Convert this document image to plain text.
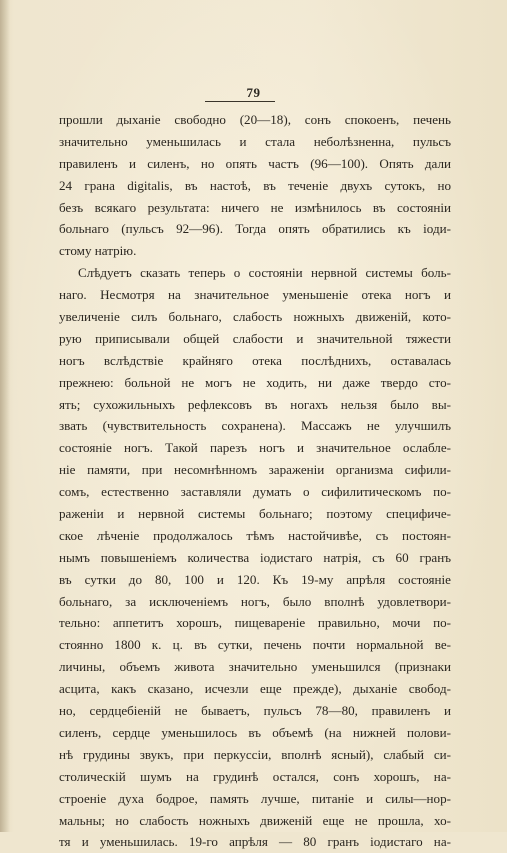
79
прошли дыханіе свободно (20—18), сонъ спокоенъ, печень
значительно уменьшилась и стала неболѣзненна, пульсъ
правиленъ и силенъ, но опять частъ (96—100). Опять дали
24 грана digitalis, въ настоѣ, въ теченіе двухъ сутокъ, но
безъ всякаго результата: ничего не измѣнилось въ состояніи
больнаго (пульсъ 92—96). Тогда опять обратились къ іоди-
стому натрію.
Слѣдуетъ сказать теперь о состояніи нервной системы боль-
наго. Несмотря на значительное уменьшеніе отека ногъ и
увеличеніе силъ больнаго, слабость ножныхъ движеній, кото-
рую приписывали общей слабости и значительной тяжести
ногъ вслѣдствіе крайняго отека послѣднихъ, оставалась
прежнею: больной не могъ не ходить, ни даже твердо сто-
ять; сухожильныхъ рефлексовъ въ ногахъ нельзя было вы-
звать (чувствительность сохранена). Массажъ не улучшилъ
состояніе ногъ. Такой парезъ ногъ и значительное ослабле-
ніе памяти, при несомнѣнномъ зараженіи организма сифили-
сомъ, естественно заставляли думать о сифилитическомъ по-
раженіи и нервной системы больнаго; поэтому специфиче-
ское лѣченіе продолжалось тѣмъ настойчивѣе, съ постоян-
нымъ повышеніемъ количества іодистаго натрія, съ 60 гранъ
въ сутки до 80, 100 и 120. Къ 19-му апрѣля состояніе
больнаго, за исключеніемъ ногъ, было вполнѣ удовлетвори-
тельно: аппетитъ хорошъ, пищевареніе правильно, мочи по-
стоянно 1800 к. ц. въ сутки, печень почти нормальной ве-
личины, объемъ живота значительно уменьшился (признаки
асцита, какъ сказано, исчезли еще прежде), дыханіе свобод-
но, сердцебіеній не бываетъ, пульсъ 78—80, правиленъ и
силенъ, сердце уменьшилось въ объемѣ (на нижней полови-
нѣ грудины звукъ, при перкуссіи, вполнѣ ясный), слабый си-
столическій шумъ на грудинѣ остался, сонъ хорошъ, на-
строеніе духа бодрое, память лучше, питаніе и силы—нор-
мальны; но слабость ножныхъ движеній еще не прошла, хо-
тя и уменьшилась. 19-го апрѣля — 80 гранъ іодистаго на-
